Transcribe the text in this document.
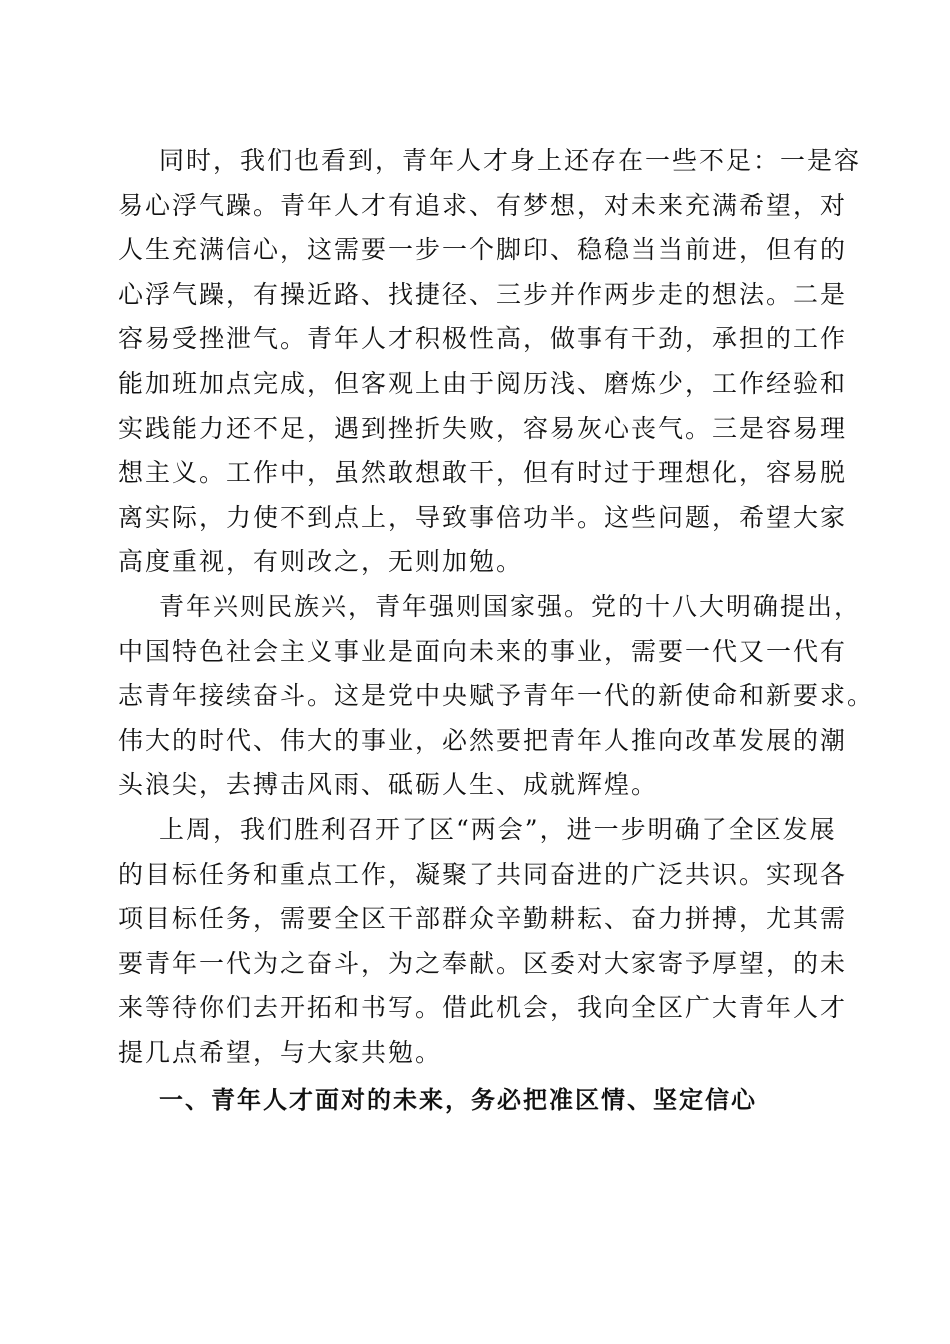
同时，我们也看到，青年人才身上还存在一些不足：一是容
易心浮气躁。青年人才有追求、有梦想，对未来充满希望，对
人生充满信心，这需要一步一个脚印、稳稳当当前进，但有的
心浮气躁，有操近路、找捷径、三步并作两步走的想法。二是
容易受挫泄气。青年人才积极性高，做事有干劲，承担的工作
能加班加点完成，但客观上由于阅历浅、磨炼少，工作经验和
实践能力还不足，遇到挫折失败，容易灰心丧气。三是容易理
想主义。工作中，虽然敢想敢干，但有时过于理想化，容易脱
离实际，力使不到点上，导致事倍功半。这些问题，希望大家
高度重视，有则改之，无则加勉。
青年兴则民族兴，青年强则国家强。党的十八大明确提出，
中国特色社会主义事业是面向未来的事业，需要一代又一代有
志青年接续奋斗。这是党中央赋予青年一代的新使命和新要求。
伟大的时代、伟大的事业，必然要把青年人推向改革发展的潮
头浪尖，去搏击风雨、砥砺人生、成就辉煌。
上周，我们胜利召开了区“两会”，进一步明确了全区发展
的目标任务和重点工作，凝聚了共同奋进的广泛共识。实现各
项目标任务，需要全区干部群众辛勤耕耘、奋力拼搏，尤其需
要青年一代为之奋斗，为之奉献。区委对大家寄予厚望，的未
来等待你们去开拓和书写。借此机会，我向全区广大青年人才
提几点希望，与大家共勉。
一、青年人才面对的未来，务必把准区情、坚定信心
